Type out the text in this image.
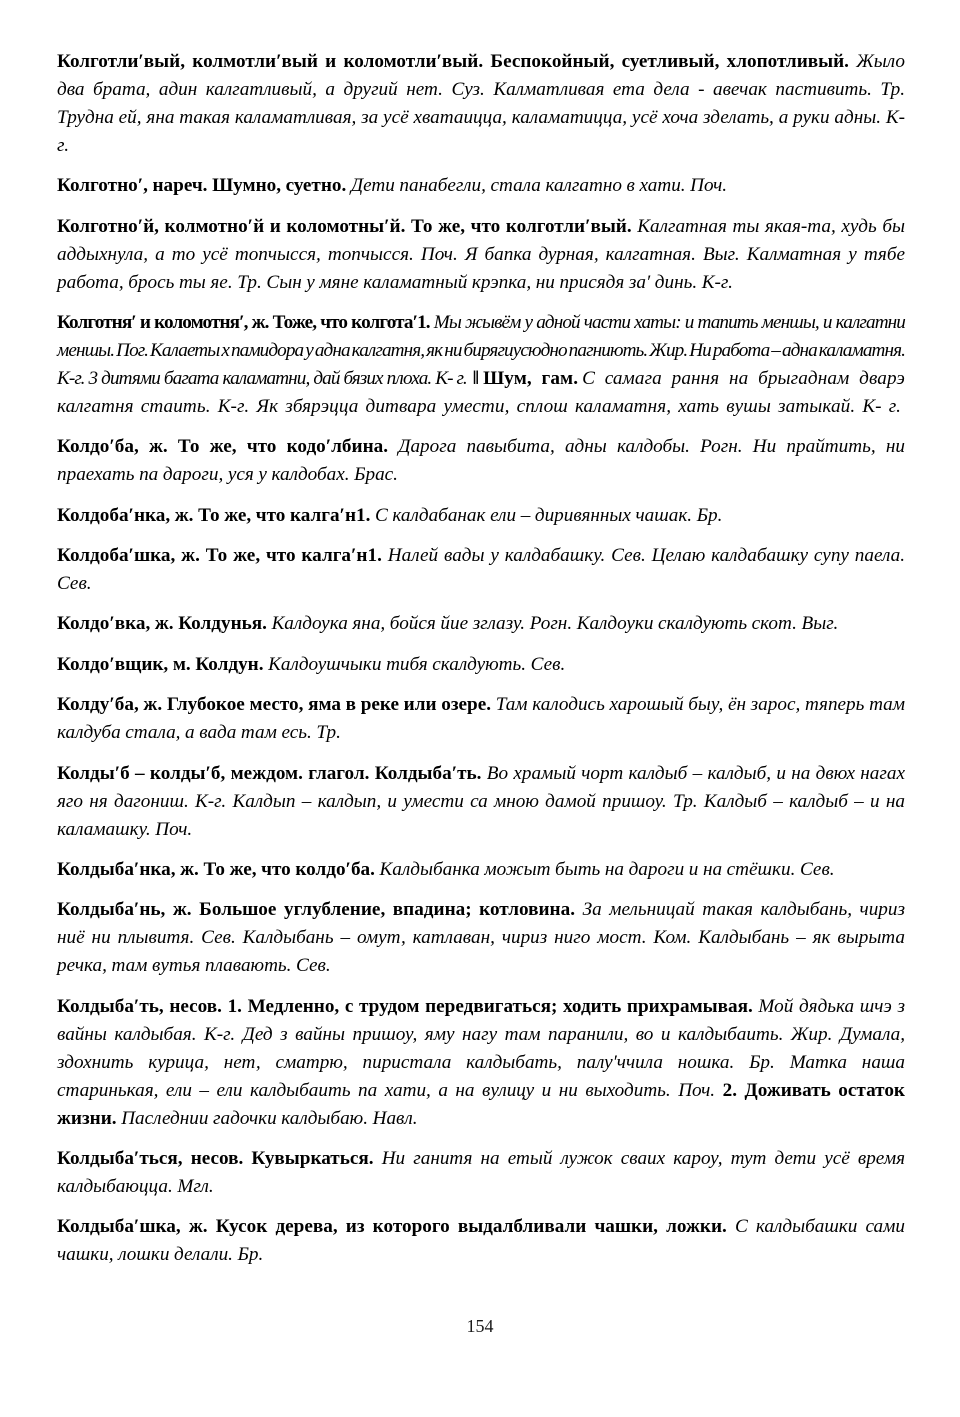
Колготли′вый, колмотли′вый и коломотли′вый. Беспокойный, суетливый, хлопотливый. Жыло два брата, адин калгатливый, а другий нет. Суз. Калматливая ета дела - авечак пастивить. Тр. Трудна ей, яна такая каламатливая, за усё хватаицца, каламатицца, усё хоча зделать, а руки адны. К-г.

Колготно′, нареч. Шумно, суетно. Дети панабегли, стала калгатно в хати. Поч.

Колготно′й, колмотно′й и коломотны′й. То же, что колготли′вый. Калгатная ты якая-та, худь бы аддыхнула, а то усё топчысся, топчысся. Поч. Я бапка дурная, калгатная. Выг. Калматная у тябе работа, брось ты яе. Тр. Сын у мяне каламатный крэпка, ни присядя за′ динь. К-г.

Колготня′ и коломотня′, ж. Тоже, что колгота′1. Мы жывём у адной части хаты: и тапить меншы, и калгатни меншы. Пог. Калаеты х памидора у адна калгатня, як ни бирягиусюдно пагниють. Жир. Ни работа – адна каламатня. К-г. 3 дитями багата каламатни, дай бязих плоха. К- г. ‖ Шум, гам. С самага рання на брыгаднам дварэ калгатня стаить. К-г. Як збярэцца дитвара умести, сплош каламатня, хать вушы затыкай. К- г.

Колдо′ба, ж. То же, что кодо′лбина. Дарога павыбита, адны калдобы. Рогн. Ни прайтить, ни праехать па дароги, уся у калдобах. Брас.

Колдоба′нка, ж. То же, что калга′н1. С калдабанак ели – диривянных чашак. Бр.

Колдоба′шка, ж. То же, что калга′н1. Налей вады у калдабашку. Сев. Целаю калдабашку супу паела. Сев.

Колдо′вка, ж. Колдунья. Калдоука яна, бойся йие зглазу. Рогн. Калдоуки скалдують скот. Выг.

Колдо′вщик, м. Колдун. Калдоушчыки тибя скалдують. Сев.

Колду′ба, ж. Глубокое место, яма в реке или озере. Там калодись харошый быу, ён зарос, тяперь там калдуба стала, а вада там есь. Тр.

Колды′б – колды′б, междом. глагол. Колдыба′ть. Во храмый чорт калдыб – калдыб, и на двюх нагах яго ня дагониш. К-г. Калдып – калдып, и умести са мною дамой пришоу. Тр. Калдыб – калдыб – и на каламашку. Поч.

Колдыба′нка, ж. То же, что колдо′ба. Калдыбанка можыт быть на дароги и на стёшки. Сев.

Колдыба′нь, ж. Большое углубление, впадина; котловина. За мельницай такая калдыбань, чириз ниё ни плывитя. Сев. Калдыбань – омут, катлаван, чириз ниго мост. Ком. Калдыбань – як вырыта речка, там вутья плавають. Сев.

Колдыба′ть, несов. 1. Медленно, с трудом передвигаться; ходить прихрамывая. Мой дядька шчэ з вайны калдыбая. К-г. Дед з вайны пришоу, яму нагу там паранили, во и калдыбаить. Жир. Думала, здохнить курица, нет, сматрю, пиристала калдыбать, палу′ччила ношка. Бр. Матка наша старинькая, ели – ели калдыбаить па хати, а на вулицу и ни выходить. Поч. 2. Доживать остаток жизни. Паследнии гадочки калдыбаю. Навл.

Колдыба′ться, несов. Кувыркаться. Ни ганитя на етый лужок сваих кароу, тут дети усё время калдыбаюцца. Мгл.

Колдыба′шка, ж. Кусок дерева, из которого выдалбливали чашки, ложки. С калдыбашки сами чашки, лошки делали. Бр.

154
